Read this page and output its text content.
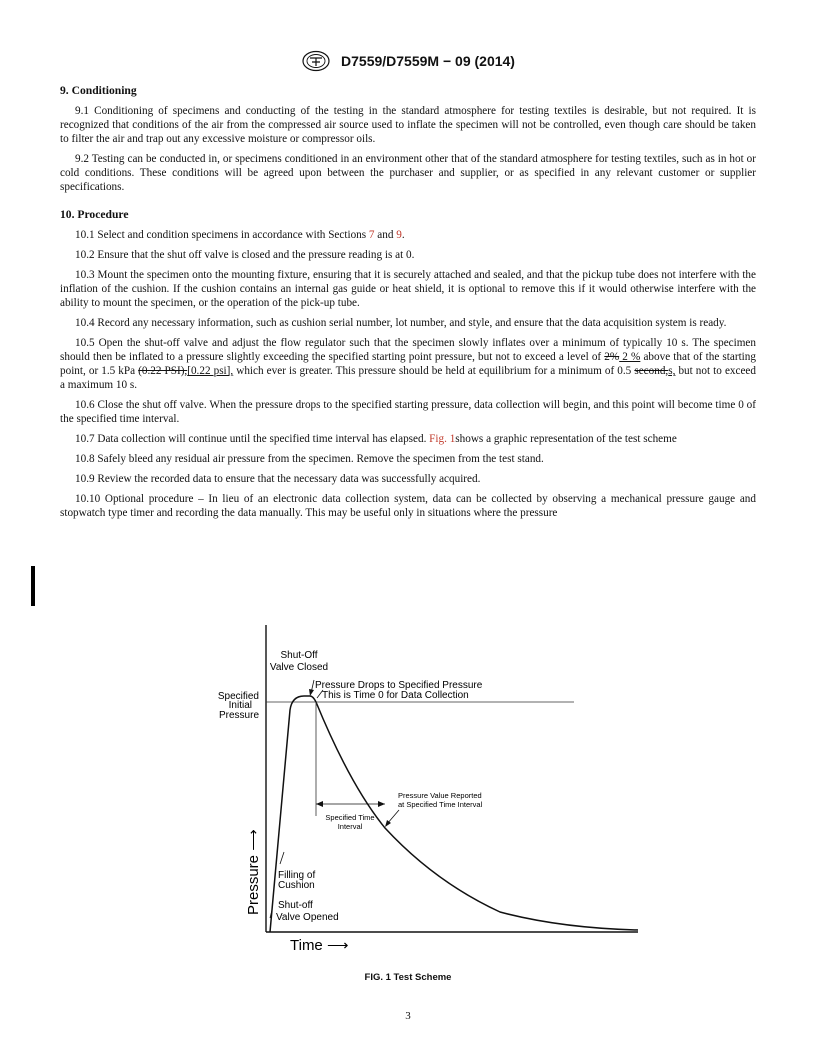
D7559/D7559M − 09 (2014)
9. Conditioning

9.1 Conditioning of specimens and conducting of the testing in the standard atmosphere for testing textiles is desirable, but not required. It is recognized that conditions of the air from the compressed air source used to inflate the specimen will not be controlled, even though care should be taken to filter the air and trap out any excessive moisture or compressor oils.

9.2 Testing can be conducted in, or specimens conditioned in an environment other that of the standard atmosphere for testing textiles, such as in hot or cold conditions. These conditions will be agreed upon between the purchaser and supplier, or as specified in any relevant customer or supplier specifications.

10. Procedure

10.1 Select and condition specimens in accordance with Sections 7 and 9.

10.2 Ensure that the shut off valve is closed and the pressure reading is at 0.

10.3 Mount the specimen onto the mounting fixture, ensuring that it is securely attached and sealed, and that the pickup tube does not interfere with the inflation of the cushion. If the cushion contains an internal gas guide or heat shield, it is optional to remove this if it would otherwise interfere with the ability to mount the specimen, or the operation of the pick-up tube.

10.4 Record any necessary information, such as cushion serial number, lot number, and style, and ensure that the data acquisition system is ready.

10.5 Open the shut-off valve and adjust the flow regulator such that the specimen slowly inflates over a minimum of typically 10 s. The specimen should then be inflated to a pressure slightly exceeding the specified starting point pressure, but not to exceed a level of 2% 2 % above that of the starting point, or 1.5 kPa (0.22 PSI),[0.22 psi], which ever is greater. This pressure should be held at equilibrium for a minimum of 0.5 second,s, but not to exceed a maximum 10 s.

10.6 Close the shut off valve. When the pressure drops to the specified starting pressure, data collection will begin, and this point will become time 0 of the specified time interval.

10.7 Data collection will continue until the specified time interval has elapsed. Fig. 1shows a graphic representation of the test scheme

10.8 Safely bleed any residual air pressure from the specimen. Remove the specimen from the test stand.

10.9 Review the recorded data to ensure that the necessary data was successfully acquired.

10.10 Optional procedure – In lieu of an electronic data collection system, data can be collected by observing a mechanical pressure gauge and stopwatch type timer and recording the data manually. This may be useful only in situations where the pressure

Shut-Off
Valve Closed
Pressure Drops to Specified Pressure
This is Time 0 for Data Collection
Specified
Initial
Pressure
Pressure Value Reported
at Specified Time Interval
Specified Time
Interval
Filling of
Cushion
Shut-off
Valve Opened
Pressure ⟶
Time ⟶
FIG. 1 Test Scheme
3
